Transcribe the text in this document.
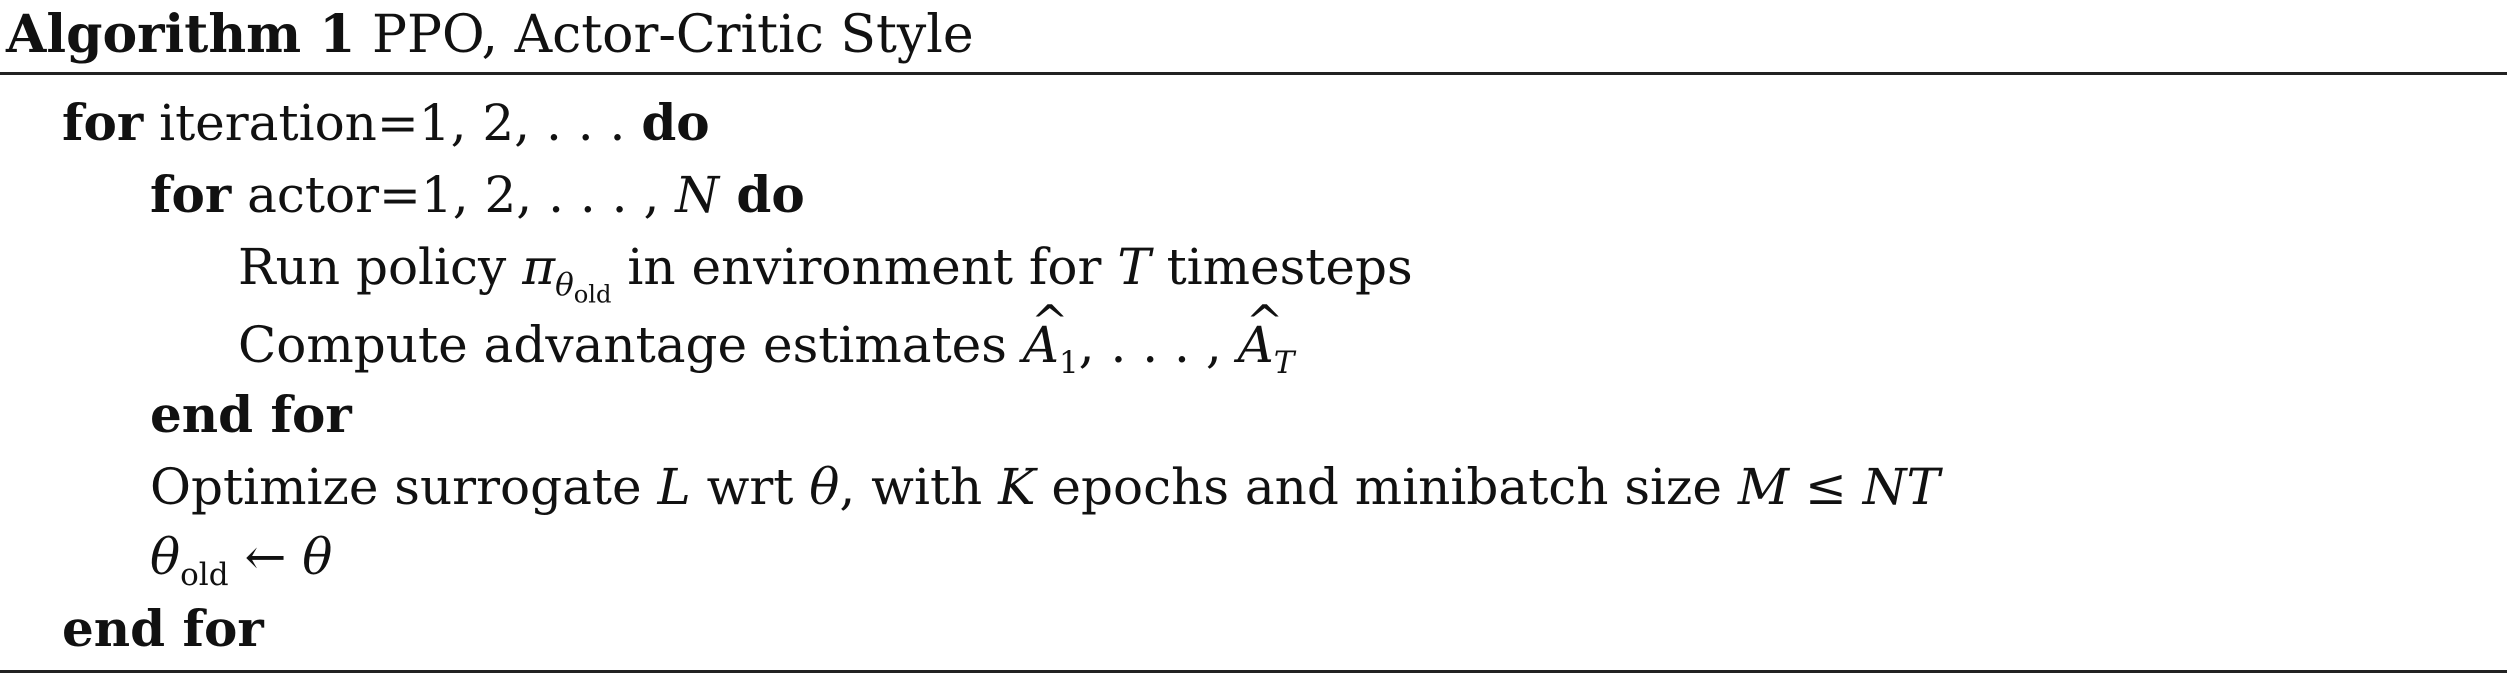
Algorithm 1 PPO, Actor-Critic Style
for iteration=1, 2, . . . do
for actor=1, 2, . . . , N do
Run policy $\pi_{\theta_{old}}$ in environment for T timesteps
Compute advantage estimates ^ $A_1$, . . . , ^ $A_T$
end for
Optimize surrogate L wrt θ, with K epochs and minibatch size M ≤ NT
$\theta_{old}$ ← θ
end for
